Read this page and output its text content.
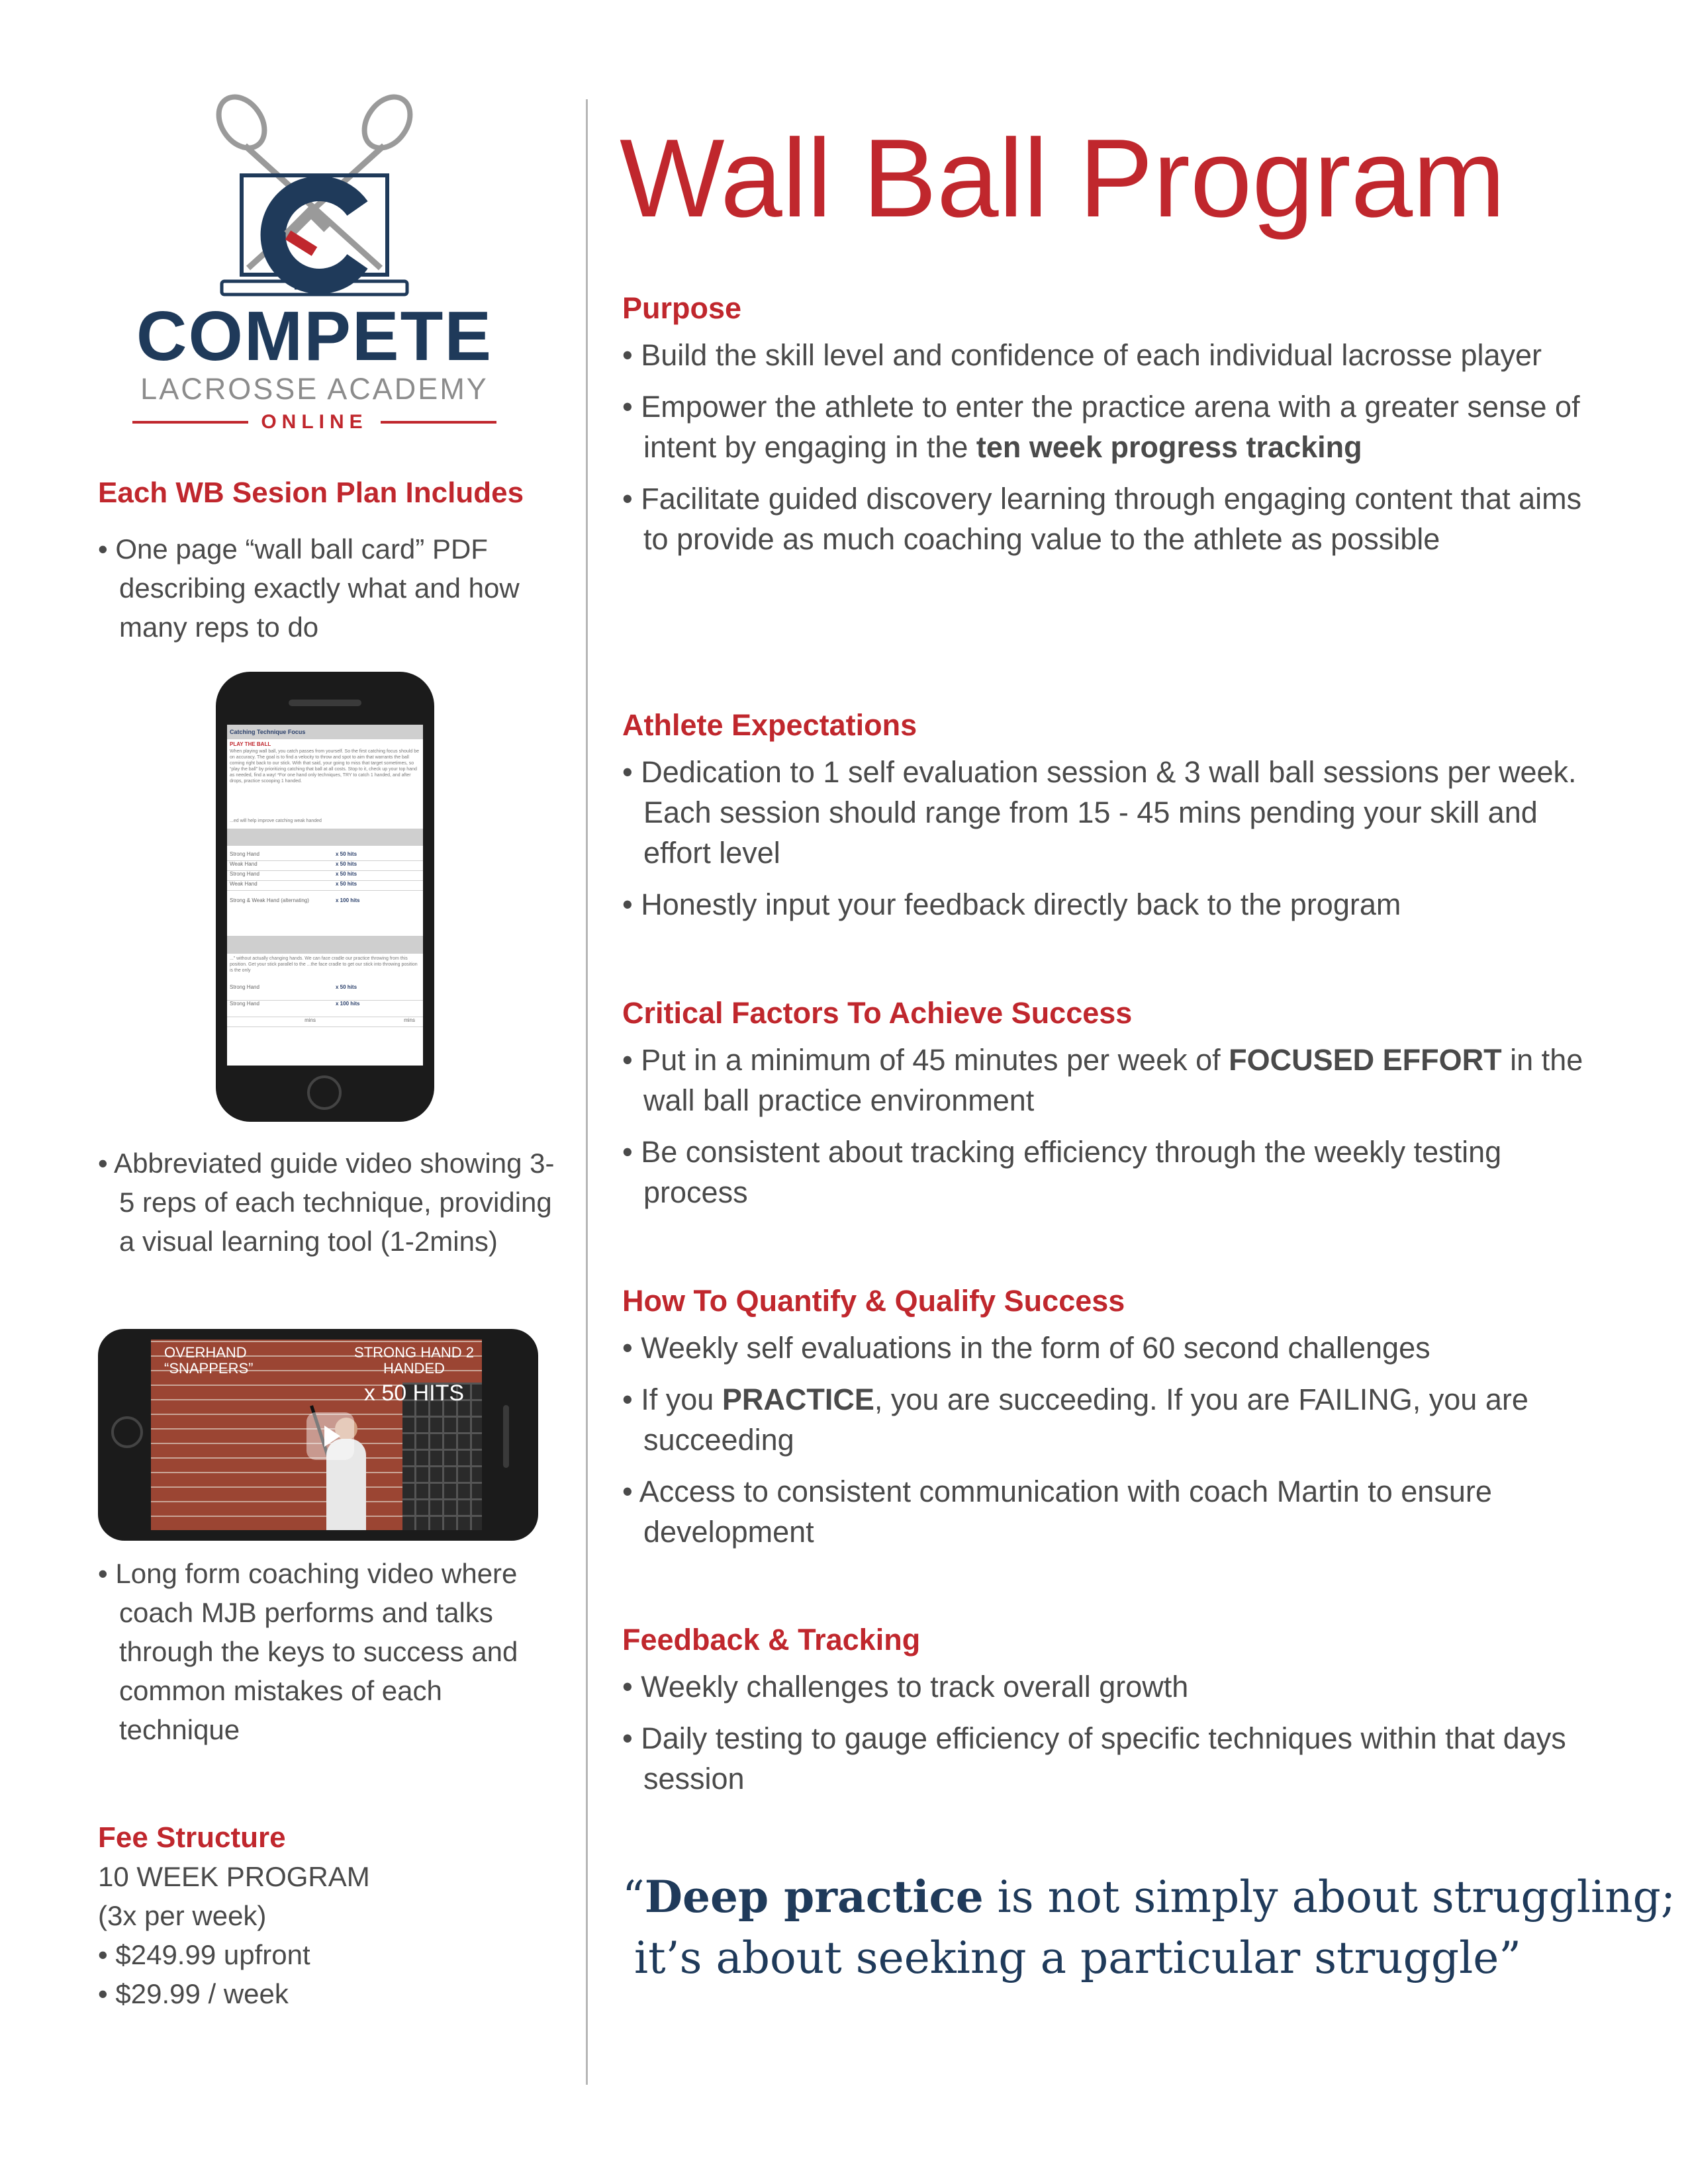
COMPETE
LACROSSE ACADEMY
ONLINE

Each WB Sesion Plan Includes

• One page “wall ball card” PDF describing exactly what and how many reps to do

Catching Technique Focus
PLAY THE BALL
When playing wall ball, you catch passes from yourself. So the first catching focus should be on accuracy. The goal is to find a velocity to throw and spot to aim that warrants the ball coming right back to our stick. With that said, your going to miss that target sometimes, so “play the ball” by prioritizing catching that ball at all costs. Stop to it, check up your top hand as needed, find a way! *For one hand only techniques, TRY to catch 1 handed, and after drops, practice scooping 1 handed.
...ed will help improve catching weak handed
Strong Hand	x 50 hits
Weak Hand	x 50 hits
Strong Hand	x 50 hits
Weak Hand	x 50 hits
Strong & Weak Hand (alternating)	x 100 hits
...” without actually changing hands. We can face cradle our practice throwing from this position. Get your stick parallel to the ...the face cradle to get our stick into throwing position is the only
Strong Hand	x 50 hits
Strong Hand	x 100 hits
mins	mins

• Abbreviated guide video showing 3-5 reps of each technique, providing a visual learning tool (1-2mins)

OVERHAND “SNAPPERS”
STRONG HAND 2 HANDED
x 50 HITS

• Long form coaching video where coach MJB performs and talks through the keys to success and common mistakes of each technique

Fee Structure

10 WEEK PROGRAM

(3x per week)

• $249.99 upfront

• $29.99 / week

Wall Ball Program

Purpose

• Build the skill level and confidence of each individual lacrosse player

• Empower the athlete to enter the practice arena with a greater sense of intent by engaging in the ten week progress tracking

• Facilitate guided discovery learning through engaging content that aims to provide as much coaching value to the athlete as possible

Athlete Expectations

• Dedication to 1 self evaluation session & 3 wall ball sessions per week. Each session should range from 15 - 45 mins pending your skill and effort level

• Honestly input your feedback directly back to the program

Critical Factors To Achieve Success

• Put in a minimum of 45 minutes per week of FOCUSED EFFORT in the wall ball practice environment

• Be consistent about tracking efficiency through the weekly testing process

How To Quantify & Qualify Success

• Weekly self evaluations in the form of 60 second challenges

• If you PRACTICE, you are succeeding. If you are FAILING, you are succeeding

• Access to consistent communication with coach Martin to ensure development

Feedback & Tracking

• Weekly challenges to track overall growth

• Daily testing to gauge efficiency of specific techniques within that days session

“Deep practice is not simply about struggling;
it’s about seeking a particular struggle”
